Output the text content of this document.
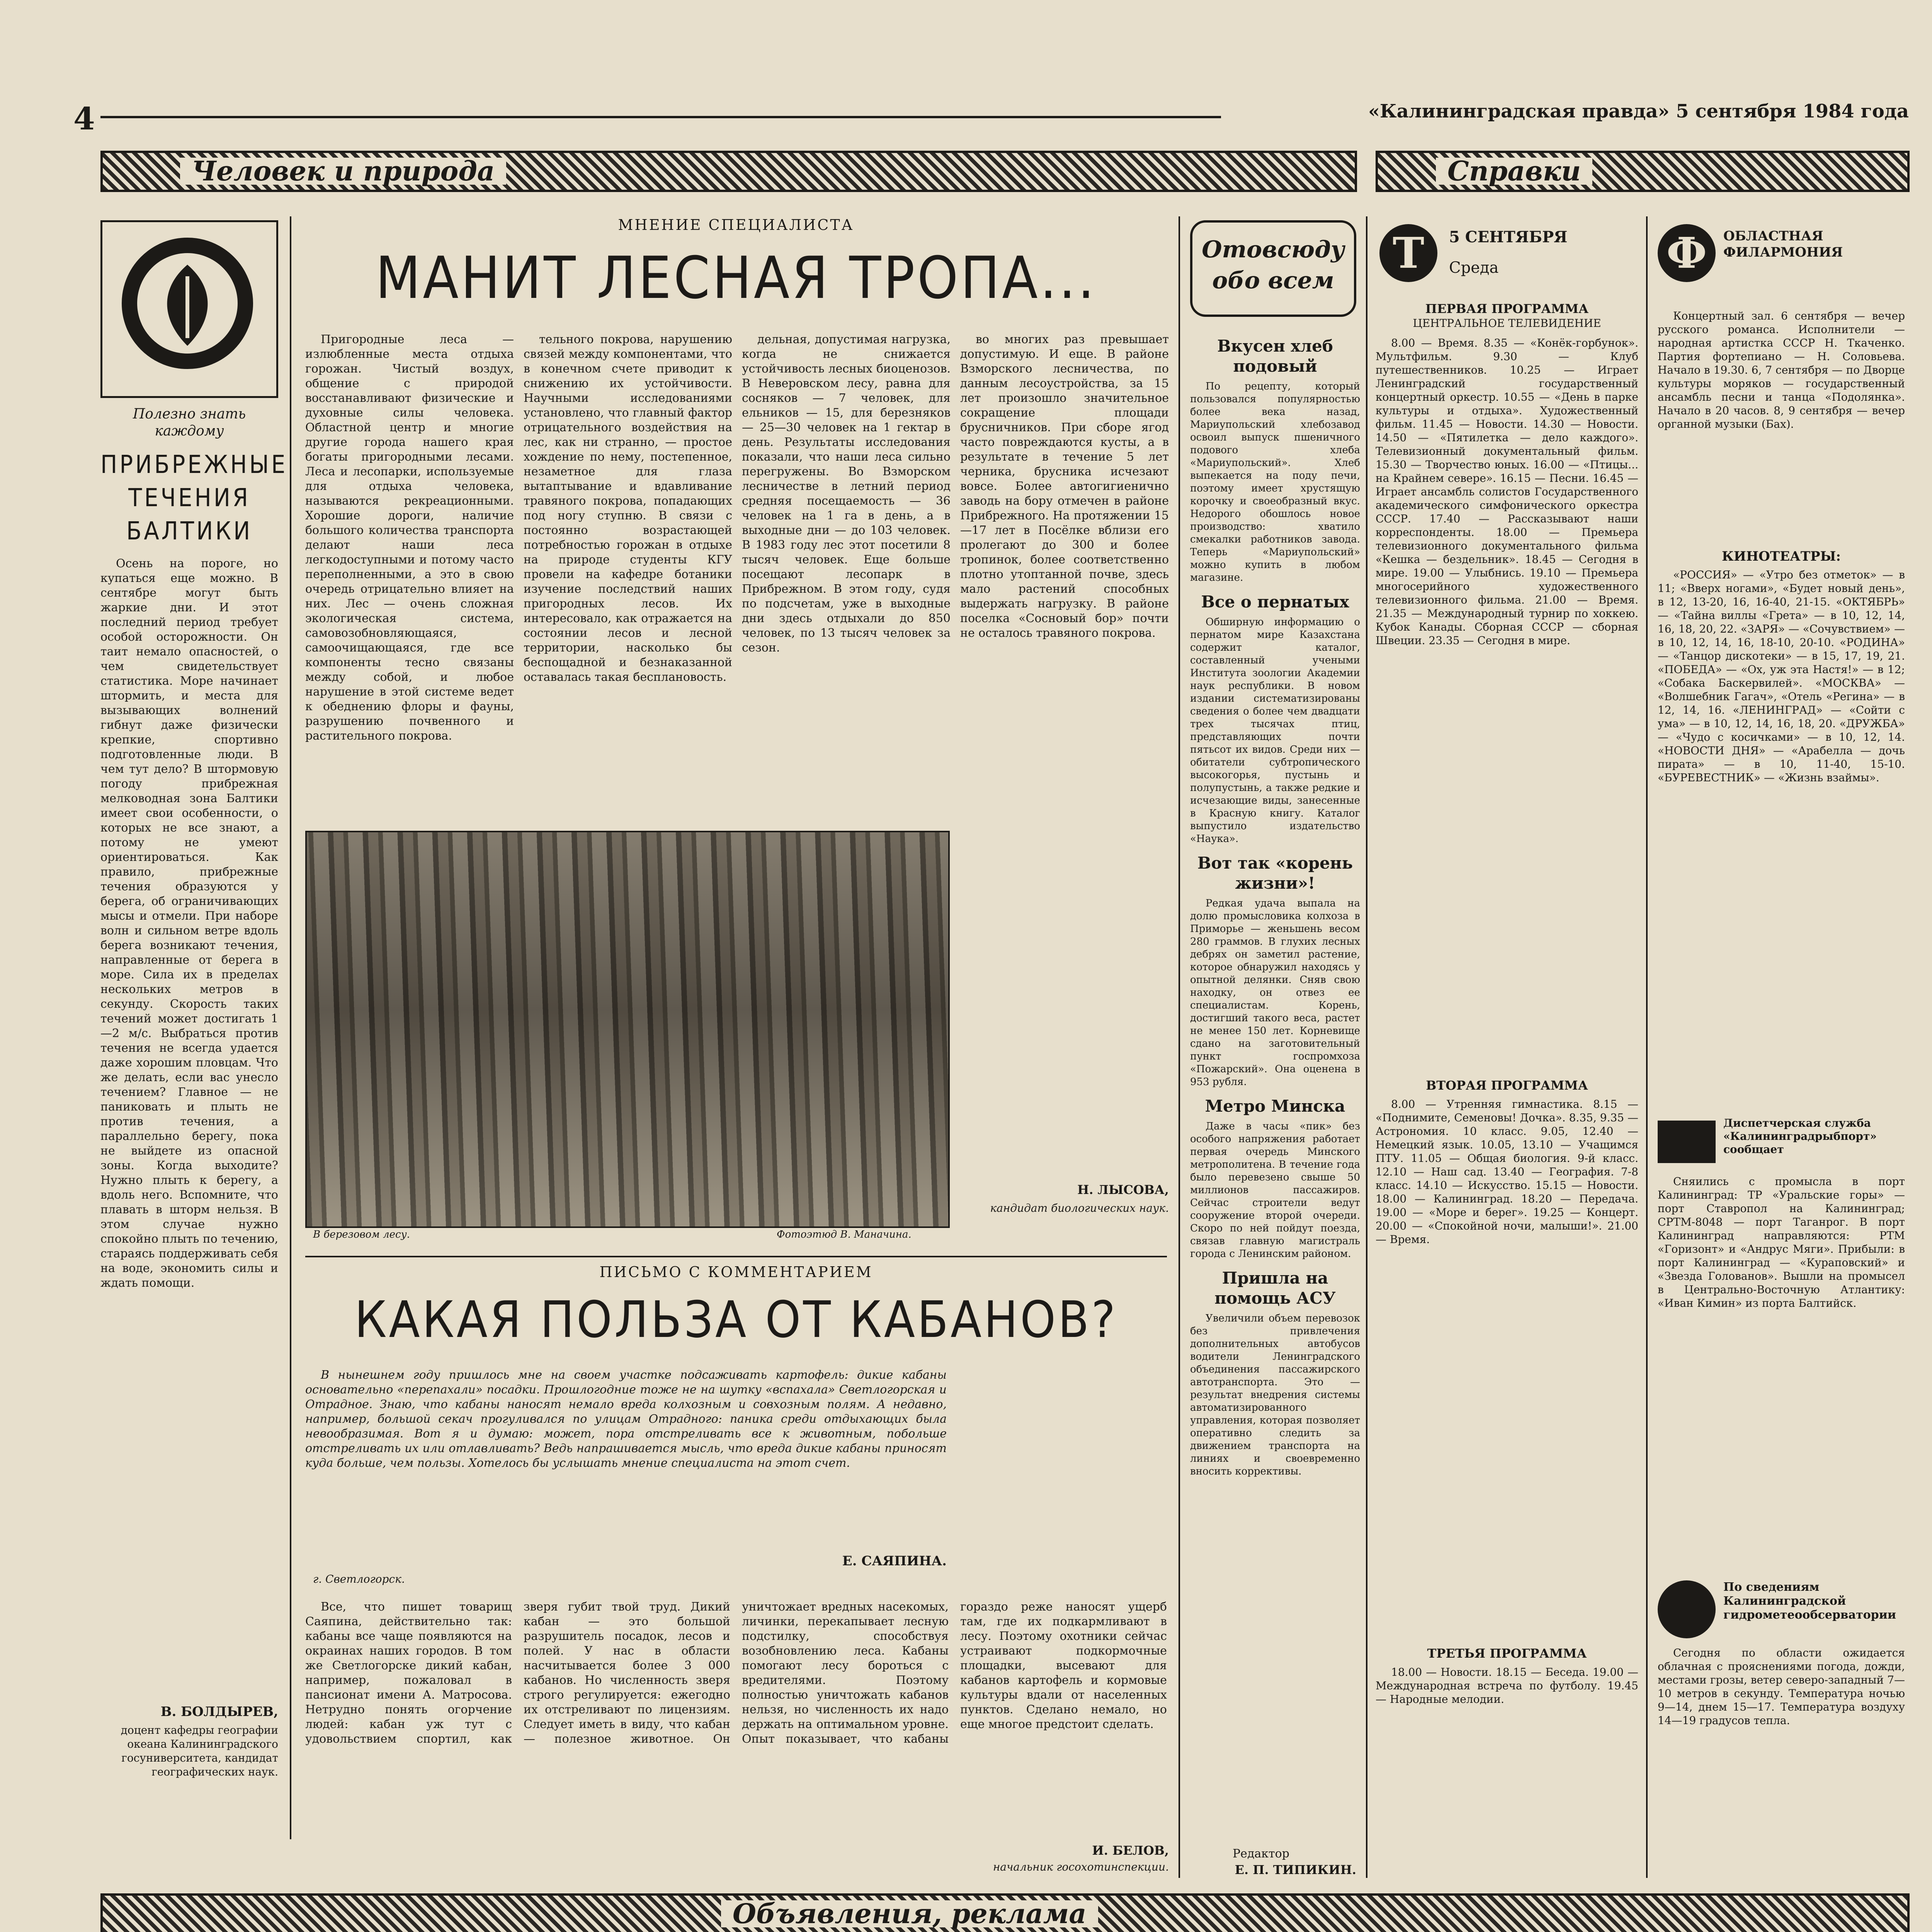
4	«Калининградская правда» 5 сентября 1984 года
Человек и природа	Справки
Полезно знать каждому
ПРИБРЕЖНЫЕ ТЕЧЕНИЯ БАЛТИКИ

Осень на пороге, но купаться еще можно. В сентябре могут быть жаркие дни. И этот последний период требует особой осторожности. Он таит немало опасностей, о чем свидетельствует статистика. Море начинает штормить, и места для вызывающих волнений гибнут даже физически крепкие, спортивно подготовленные люди. В чем тут дело? В штормовую погоду прибрежная мелководная зона Балтики имеет свои особенности, о которых не все знают, а потому не умеют ориентироваться. Как правило, прибрежные течения образуются у берега, об ограничивающих мысы и отмели. При наборе волн и сильном ветре вдоль берега возникают течения, направленные от берега в море. Сила их в пределах нескольких метров в секунду. Скорость таких течений может достигать 1—2 м/с. Выбраться против течения не всегда удается даже хорошим пловцам. Что же делать, если вас унесло течением? Главное — не паниковать и плыть не против течения, а параллельно берегу, пока не выйдете из опасной зоны. Когда выходите? Нужно плыть к берегу, а вдоль него. Вспомните, что плавать в шторм нельзя. В этом случае нужно спокойно плыть по течению, стараясь поддерживать себя на воде, экономить силы и ждать помощи.

В. БОЛДЫРЕВ,
доцент кафедры географии океана Калининградского госуниверситета, кандидат географических наук.
МНЕНИЕ СПЕЦИАЛИСТА
МАНИТ ЛЕСНАЯ ТРОПА...

Пригородные леса — излюбленные места отдыха горожан. Чистый воздух, общение с природой восстанавливают физические и духовные силы человека. Областной центр и многие другие города нашего края богаты пригородными лесами. Леса и лесопарки, используемые для отдыха человека, называются рекреационными. Хорошие дороги, наличие большого количества транспорта делают наши леса легкодоступными и потому часто переполненными, а это в свою очередь отрицательно влияет на них. Лес — очень сложная экологическая система, самовозобновляющаяся, самоочищающаяся, где все компоненты тесно связаны между собой, и любое нарушение в этой системе ведет к обеднению флоры и фауны, разрушению почвенного и растительного покрова.

тельного покрова, нарушению связей между компонентами, что в конечном счете приводит к снижению их устойчивости. Научными исследованиями установлено, что главный фактор отрицательного воздействия на лес, как ни странно, — простое хождение по нему, постепенное, незаметное для глаза вытаптывание и вдавливание травяного покрова, попадающих под ногу ступню. В связи с постоянно возрастающей потребностью горожан в отдыхе на природе студенты КГУ провели на кафедре ботаники изучение последствий наших пригородных лесов. Их интересовало, как отражается на состоянии лесов и лесной территории, насколько бы беспощадной и безнаказанной оставалась такая бесплановость.

дельная, допустимая нагрузка, когда не снижается устойчивость лесных биоценозов. В Неверовском лесу, равна для сосняков — 7 человек, для ельников — 15, для березняков — 25—30 человек на 1 гектар в день. Результаты исследования показали, что наши леса сильно перегружены. Во Взморском лесничестве в летний период средняя посещаемость — 36 человек на 1 га в день, а в выходные дни — до 103 человек. В 1983 году лес этот посетили 8 тысяч человек. Еще больше посещают лесопарк в Прибрежном. В этом году, судя по подсчетам, уже в выходные дни здесь отдыхали до 850 человек, по 13 тысяч человек за сезон.

во многих раз превышает допустимую. И еще. В районе Взморского лесничества, по данным лесоустройства, за 15 лет произошло значительное сокращение площади брусничников. При сборе ягод часто повреждаются кусты, а в результате в течение 5 лет черника, брусника исчезают вовсе. Более автогигиенично заводь на бору отмечен в районе Прибрежного. На протяжении 15—17 лет в Посёлке вблизи его пролегают до 300 и более тропинок, более соответственно плотно утоптанной почве, здесь мало растений способных выдержать нагрузку. В районе поселка «Сосновый бор» почти не осталось травяного покрова.

В березовом лесу.	Фотоэтюд В. Маначина.
Н. ЛЫСОВА,
кандидат биологических наук.
ПИСЬМО С КОММЕНТАРИЕМ
КАКАЯ ПОЛЬЗА ОТ КАБАНОВ?

В нынешнем году пришлось мне на своем участке подсаживать картофель: дикие кабаны основательно «перепахали» посадки. Прошлогодние тоже не на шутку «вспахала» Светлогорская и Отрадное. Знаю, что кабаны наносят немало вреда колхозным и совхозным полям. А недавно, например, большой секач прогуливался по улицам Отрадного: паника среди отдыхающих была невообразимая. Вот я и думаю: может, пора отстреливать все к животным, побольше отстреливать их или отлавливать? Ведь напрашивается мысль, что вреда дикие кабаны приносят куда больше, чем пользы. Хотелось бы услышать мнение специалиста на этот счет.

Е. САЯПИНА.
г. Светлогорск.

Все, что пишет товарищ Саяпина, действительно так: кабаны все чаще появляются на окраинах наших городов. В том же Светлогорске дикий кабан, например, пожаловал в пансионат имени А. Матросова. Нетрудно понять огорчение людей: кабан уж тут с удовольствием спортил, как зверя губит твой труд. Дикий кабан — это большой разрушитель посадок, лесов и полей. У нас в области насчитывается более 3 000 кабанов. Но численность зверя строго регулируется: ежегодно их отстреливают по лицензиям. Следует иметь в виду, что кабан — полезное животное. Он уничтожает вредных насекомых, личинки, перекапывает лесную подстилку, способствуя возобновлению леса. Кабаны помогают лесу бороться с вредителями. Поэтому полностью уничтожать кабанов нельзя, но численность их надо держать на оптимальном уровне. Опыт показывает, что кабаны гораздо реже наносят ущерб там, где их подкармливают в лесу. Поэтому охотники сейчас устраивают подкормочные площадки, высевают для кабанов картофель и кормовые культуры вдали от населенных пунктов. Сделано немало, но еще многое предстоит сделать.

И. БЕЛОВ,
начальник госохотинспекции.
Отовсюду обо всем
Вкусен хлеб подовый

По рецепту, который пользовался популярностью более века назад, Мариупольский хлебозавод освоил выпуск пшеничного подового хлеба «Мариупольский». Хлеб выпекается на поду печи, поэтому имеет хрустящую корочку и своеобразный вкус. Недорого обошлось новое производство: хватило смекалки работников завода. Теперь «Мариупольский» можно купить в любом магазине.

Все о пернатых

Обширную информацию о пернатом мире Казахстана содержит каталог, составленный учеными Института зоологии Академии наук республики. В новом издании систематизированы сведения о более чем двадцати трех тысячах птиц, представляющих почти пятьсот их видов. Среди них — обитатели субтропического высокогорья, пустынь и полупустынь, а также редкие и исчезающие виды, занесенные в Красную книгу. Каталог выпустило издательство «Наука».

Вот так «корень жизни»!

Редкая удача выпала на долю промысловика колхоза в Приморье — женьшень весом 280 граммов. В глухих лесных дебрях он заметил растение, которое обнаружил находясь у опытной делянки. Сняв свою находку, он отвез ее специалистам. Корень, достигший такого веса, растет не менее 150 лет. Корневище сдано на заготовительный пункт госпромхоза «Пожарский». Она оценена в 953 рубля.

Метро Минска

Даже в часы «пик» без особого напряжения работает первая очередь Минского метрополитена. В течение года было перевезено свыше 50 миллионов пассажиров. Сейчас строители ведут сооружение второй очереди. Скоро по ней пойдут поезда, связав главную магистраль города с Ленинским районом.

Пришла на помощь АСУ

Увеличили объем перевозок без привлечения дополнительных автобусов водители Ленинградского объединения пассажирского автотранспорта. Это — результат внедрения системы автоматизированного управления, которая позволяет оперативно следить за движением транспорта на линиях и своевременно вносить коррективы.

Редактор
Е. П. ТИПИКИН.
T	5 СЕНТЯБРЯ
Среда
ПЕРВАЯ ПРОГРАММА
ЦЕНТРАЛЬНОЕ ТЕЛЕВИДЕНИЕ

8.00 — Время. 8.35 — «Конёк-горбунок». Мультфильм. 9.30 — Клуб путешественников. 10.25 — Играет Ленинградский государственный концертный оркестр. 10.55 — «День в парке культуры и отдыха». Художественный фильм. 11.45 — Новости. 14.30 — Новости. 14.50 — «Пятилетка — дело каждого». Телевизионный документальный фильм. 15.30 — Творчество юных. 16.00 — «Птицы... на Крайнем севере». 16.15 — Песни. 16.45 — Играет ансамбль солистов Государственного академического симфонического оркестра СССР. 17.40 — Рассказывают наши корреспонденты. 18.00 — Премьера телевизионного документального фильма «Кешка — бездельник». 18.45 — Сегодня в мире. 19.00 — Улыбнись. 19.10 — Премьера многосерийного художественного телевизионного фильма. 21.00 — Время. 21.35 — Международный турнир по хоккею. Кубок Канады. Сборная СССР — сборная Швеции. 23.35 — Сегодня в мире.

ВТОРАЯ ПРОГРАММА

8.00 — Утренняя гимнастика. 8.15 — «Поднимите, Семеновы! Дочка». 8.35, 9.35 — Астрономия. 10 класс. 9.05, 12.40 — Немецкий язык. 10.05, 13.10 — Учащимся ПТУ. 11.05 — Общая биология. 9-й класс. 12.10 — Наш сад. 13.40 — География. 7-8 класс. 14.10 — Искусство. 15.15 — Новости. 18.00 — Калининград. 18.20 — Передача. 19.00 — «Море и берег». 19.25 — Концерт. 20.00 — «Спокойной ночи, малыши!». 21.00 — Время.

ТРЕТЬЯ ПРОГРАММА

18.00 — Новости. 18.15 — Беседа. 19.00 — Международная встреча по футболу. 19.45 — Народные мелодии.

Ф	ОБЛАСТНАЯ ФИЛАРМОНИЯ

Концертный зал. 6 сентября — вечер русского романса. Исполнители — народная артистка СССР Н. Ткаченко. Партия фортепиано — Н. Соловьева. Начало в 19.30. 6, 7 сентября — по Дворце культуры моряков — государственный ансамбль песни и танца «Подолянка». Начало в 20 часов. 8, 9 сентября — вечер органной музыки (Бах).

КИНОТЕАТРЫ:

«РОССИЯ» — «Утро без отметок» — в 11; «Вверх ногами», «Будет новый день», в 12, 13-20, 16, 16-40, 21-15. «ОКТЯБРЬ» — «Тайна виллы «Грета» — в 10, 12, 14, 16, 18, 20, 22. «ЗАРЯ» — «Сочувствием» — в 10, 12, 14, 16, 18-10, 20-10. «РОДИНА» — «Танцор дискотеки» — в 15, 17, 19, 21. «ПОБЕДА» — «Ох, уж эта Настя!» — в 12; «Собака Баскервилей». «МОСКВА» — «Волшебник Гагач», «Отель «Регина» — в 12, 14, 16. «ЛЕНИНГРАД» — «Сойти с ума» — в 10, 12, 14, 16, 18, 20. «ДРУЖБА» — «Чудо с косичками» — в 10, 12, 14. «НОВОСТИ ДНЯ» — «Арабелла — дочь пирата» — в 10, 11-40, 15-10. «БУРЕВЕСТНИК» — «Жизнь взаймы».

Диспетчерская служба «Калининградрыбпорт» сообщает

Сняились с промысла в порт Калининград: ТР «Уральские горы» — порт Ставропол на Калининград; СРТМ-8048 — порт Таганрог. В порт Калининград направляются: РТМ «Горизонт» и «Андрус Мяги». Прибыли: в порт Калининград — «Кураповский» и «Звезда Голованов». Вышли на промысел в Центрально-Восточную Атлантику: «Иван Кимин» из порта Балтийск.

По сведениям Калининградской гидрометеообсерватории

Сегодня по области ожидается облачная с прояснениями погода, дожди, местами грозы, ветер северо-западный 7—10 метров в секунду. Температура ночью 9—14, днем 15—17. Температура воздуху 14—19 градусов тепла.

Объявления, реклама
